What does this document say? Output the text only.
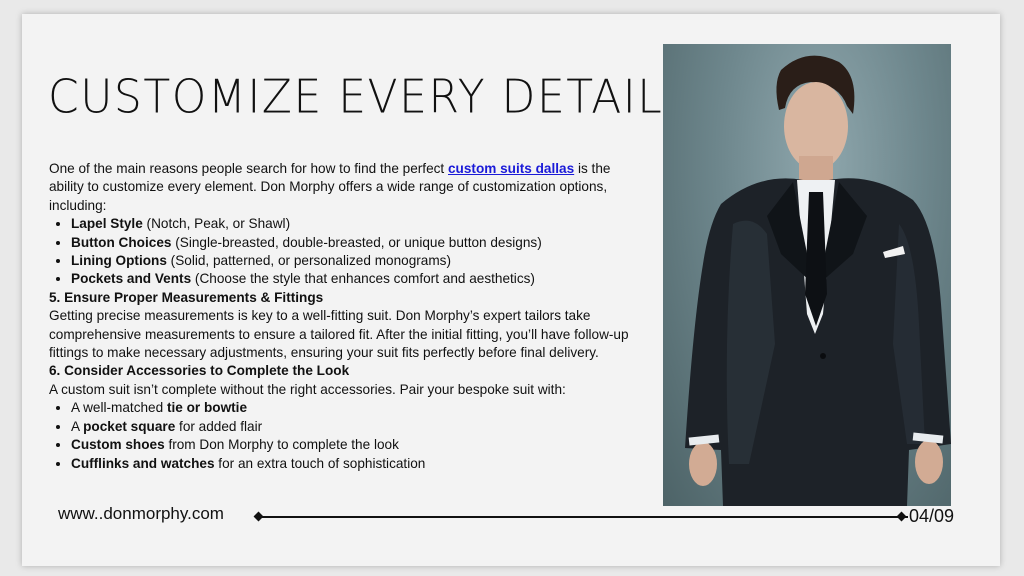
CUSTOMIZE EVERY DETAIL

One of the main reasons people search for how to find the perfect custom suits dallas is the ability to customize every element. Don Morphy offers a wide range of customization options, including:

• Lapel Style (Notch, Peak, or Shawl)
• Button Choices (Single-breasted, double-breasted, or unique button designs)
• Lining Options (Solid, patterned, or personalized monograms)
• Pockets and Vents (Choose the style that enhances comfort and aesthetics)

5. Ensure Proper Measurements & Fittings

Getting precise measurements is key to a well-fitting suit. Don Morphy’s expert tailors take comprehensive measurements to ensure a tailored fit. After the initial fitting, you’ll have follow-up fittings to make necessary adjustments, ensuring your suit fits perfectly before final delivery.

6. Consider Accessories to Complete the Look

A custom suit isn’t complete without the right accessories. Pair your bespoke suit with:

• A well-matched tie or bowtie
• A pocket square for added flair
• Custom shoes from Don Morphy to complete the look
• Cufflinks and watches for an extra touch of sophistication
www..donmorphy.com	04/09
